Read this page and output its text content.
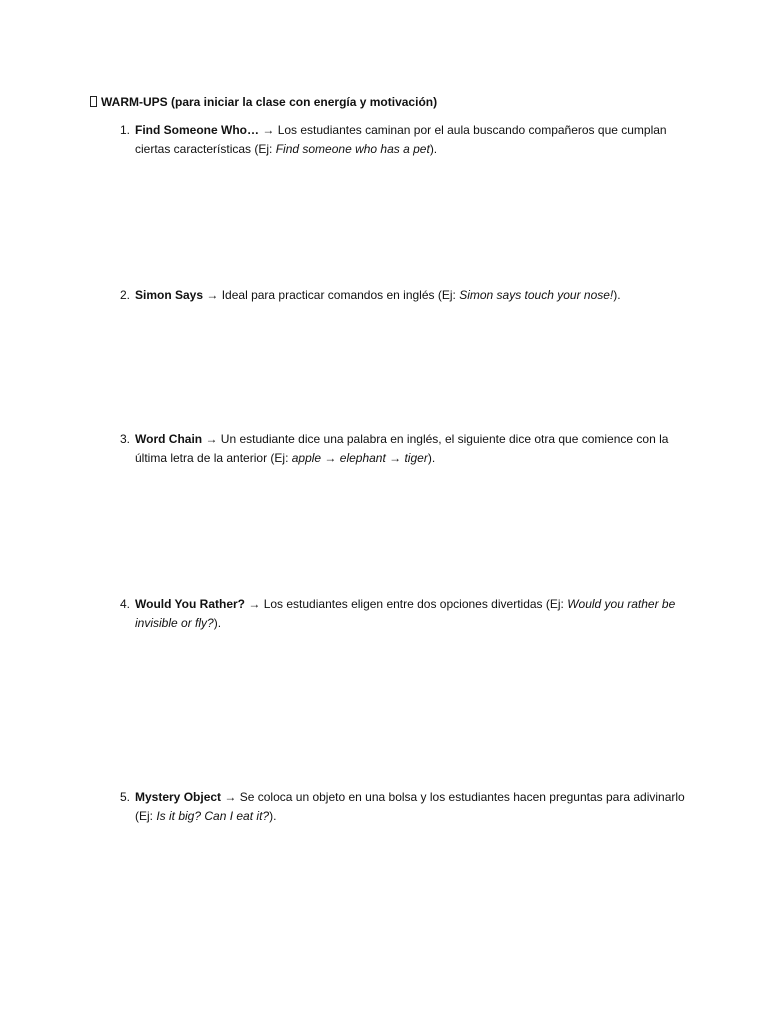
WARM-UPS (para iniciar la clase con energía y motivación)
1. Find Someone Who… → Los estudiantes caminan por el aula buscando compañeros que cumplan ciertas características (Ej: Find someone who has a pet).
2. Simon Says → Ideal para practicar comandos en inglés (Ej: Simon says touch your nose!).
3. Word Chain → Un estudiante dice una palabra en inglés, el siguiente dice otra que comience con la última letra de la anterior (Ej: apple → elephant → tiger).
4. Would You Rather? → Los estudiantes eligen entre dos opciones divertidas (Ej: Would you rather be invisible or fly?).
5. Mystery Object → Se coloca un objeto en una bolsa y los estudiantes hacen preguntas para adivinarlo (Ej: Is it big? Can I eat it?).
